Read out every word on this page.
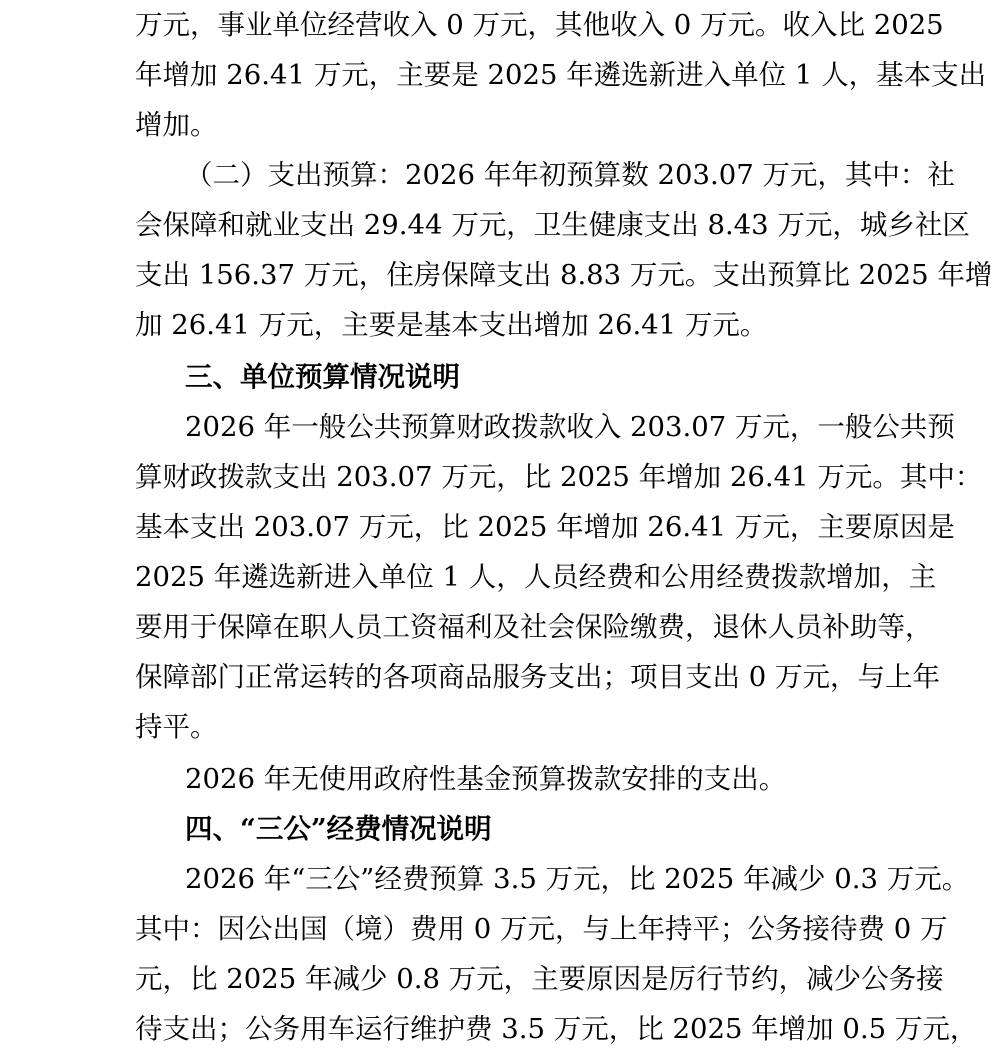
万元，事业单位经营收入 0 万元，其他收入 0 万元。收入比 2025
年增加 26.41 万元，主要是 2025 年遴选新进入单位 1 人，基本支出
增加。
（二）支出预算：2026 年年初预算数 203.07 万元，其中：社
会保障和就业支出 29.44 万元，卫生健康支出 8.43 万元，城乡社区
支出 156.37 万元，住房保障支出 8.83 万元。支出预算比 2025 年增
加 26.41 万元，主要是基本支出增加 26.41 万元。
三、单位预算情况说明
2026 年一般公共预算财政拨款收入 203.07 万元，一般公共预
算财政拨款支出 203.07 万元，比 2025 年增加 26.41 万元。其中：
基本支出 203.07 万元，比 2025 年增加 26.41 万元，主要原因是
2025 年遴选新进入单位 1 人，人员经费和公用经费拨款增加，主
要用于保障在职人员工资福利及社会保险缴费，退休人员补助等，
保障部门正常运转的各项商品服务支出；项目支出 0 万元，与上年
持平。
2026 年无使用政府性基金预算拨款安排的支出。
四、“三公”经费情况说明
2026 年“三公”经费预算 3.5 万元，比 2025 年减少 0.3 万元。
其中：因公出国（境）费用 0 万元，与上年持平；公务接待费 0 万
元，比 2025 年减少 0.8 万元，主要原因是厉行节约，减少公务接
待支出；公务用车运行维护费 3.5 万元，比 2025 年增加 0.5 万元，
